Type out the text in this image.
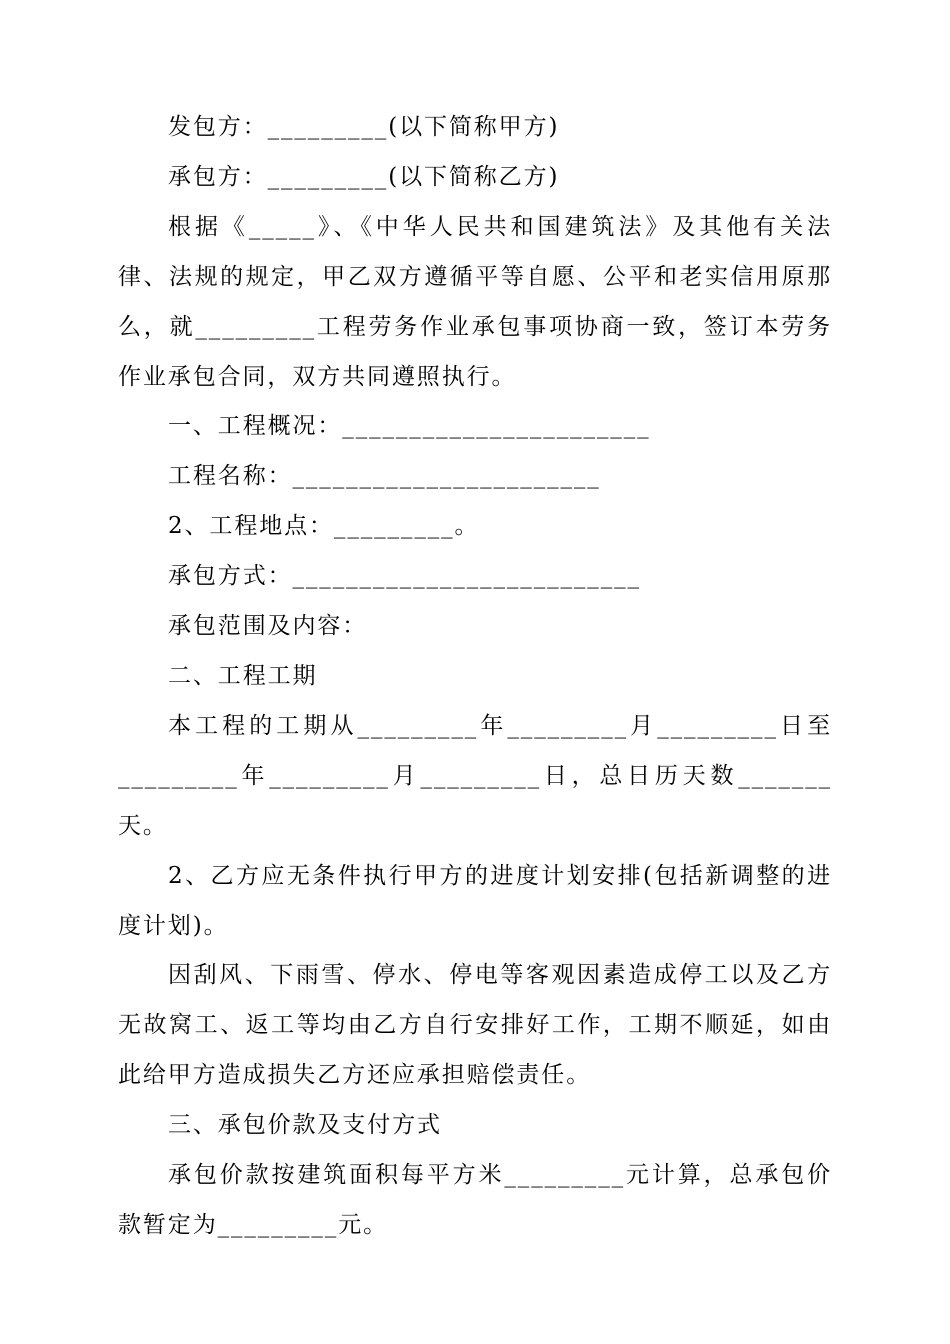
发包方：_________(以下简称甲方)

承包方：_________(以下简称乙方)

根据《_____》、《中华人民共和国建筑法》及其他有关法律、法规的规定，甲乙双方遵循平等自愿、公平和老实信用原那么，就_________工程劳务作业承包事项协商一致，签订本劳务作业承包合同，双方共同遵照执行。

一、工程概况：_______________________

工程名称：_______________________

2、工程地点：_________。

承包方式：__________________________

承包范围及内容：

二、工程工期

本工程的工期从_________年_________月_________日至_________年_________月_________日，总日历天数_______天。

2、乙方应无条件执行甲方的进度计划安排(包括新调整的进度计划)。

因刮风、下雨雪、停水、停电等客观因素造成停工以及乙方无故窝工、返工等均由乙方自行安排好工作，工期不顺延，如由此给甲方造成损失乙方还应承担赔偿责任。

三、承包价款及支付方式

承包价款按建筑面积每平方米_________元计算，总承包价款暂定为_________元。
